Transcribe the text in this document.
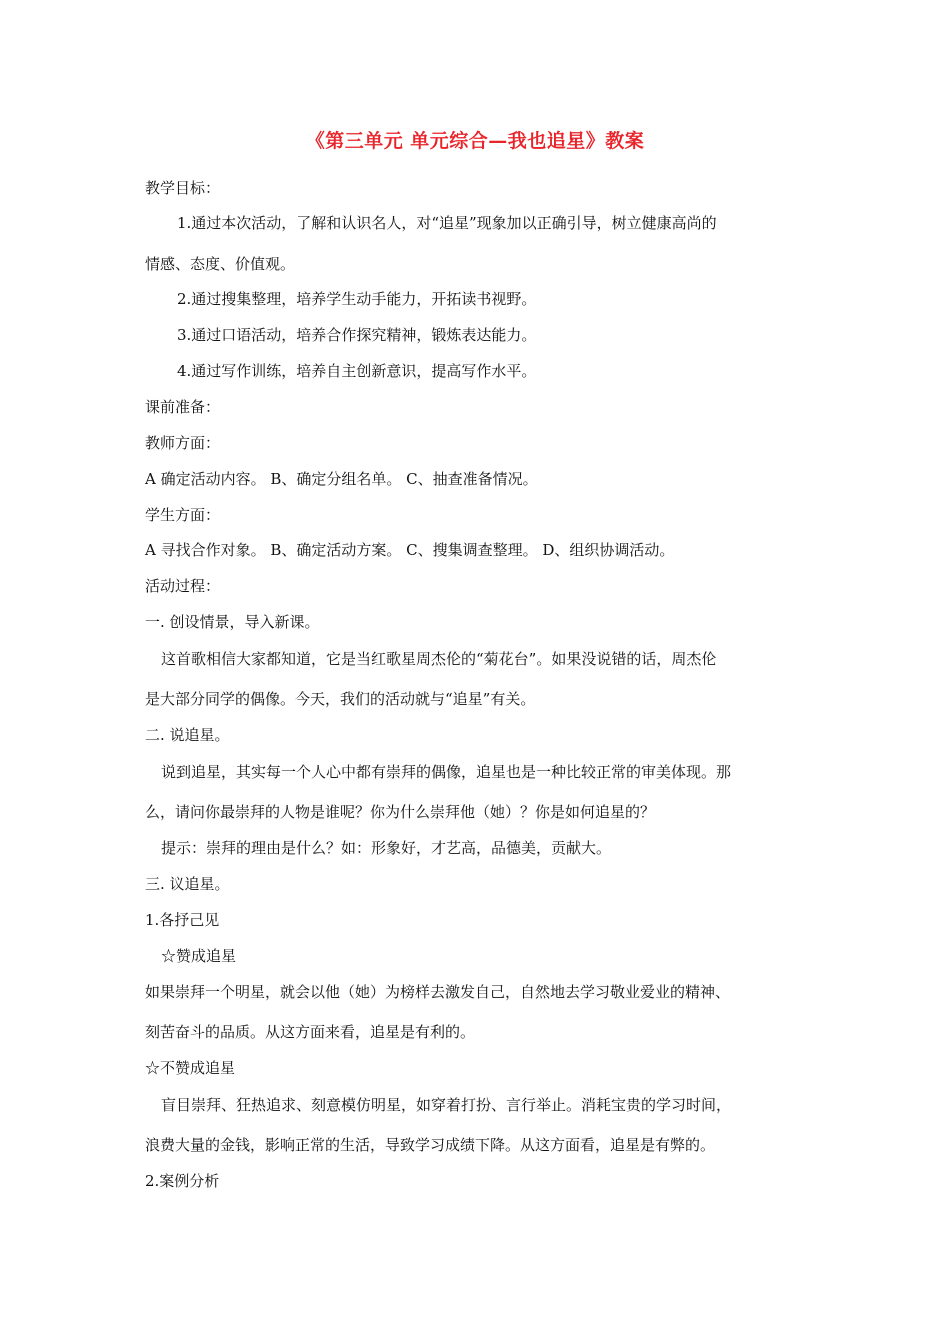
《第三单元 单元综合—我也追星》教案
教学目标：
1.通过本次活动，了解和认识名人，对“追星”现象加以正确引导，树立健康高尚的
情感、态度、价值观。
2.通过搜集整理，培养学生动手能力，开拓读书视野。
3.通过口语活动，培养合作探究精神，锻炼表达能力。
4.通过写作训练，培养自主创新意识，提高写作水平。
课前准备：
教师方面：
A 确定活动内容。 B、确定分组名单。 C、抽查准备情况。
学生方面：
A 寻找合作对象。 B、确定活动方案。 C、搜集调查整理。 D、组织协调活动。
活动过程：
一. 创设情景，导入新课。
这首歌相信大家都知道，它是当红歌星周杰伦的“菊花台”。如果没说错的话，周杰伦
是大部分同学的偶像。今天，我们的活动就与“追星”有关。
二. 说追星。
说到追星，其实每一个人心中都有崇拜的偶像，追星也是一种比较正常的审美体现。那
么，请问你最崇拜的人物是谁呢？你为什么崇拜他（她）？你是如何追星的？
提示：崇拜的理由是什么？如：形象好，才艺高，品德美，贡献大。
三. 议追星。
1.各抒己见
☆赞成追星
如果崇拜一个明星，就会以他（她）为榜样去激发自己，自然地去学习敬业爱业的精神、
刻苦奋斗的品质。从这方面来看，追星是有利的。
☆不赞成追星
盲目崇拜、狂热追求、刻意模仿明星，如穿着打扮、言行举止。消耗宝贵的学习时间，
浪费大量的金钱，影响正常的生活，导致学习成绩下降。从这方面看，追星是有弊的。
2.案例分析
